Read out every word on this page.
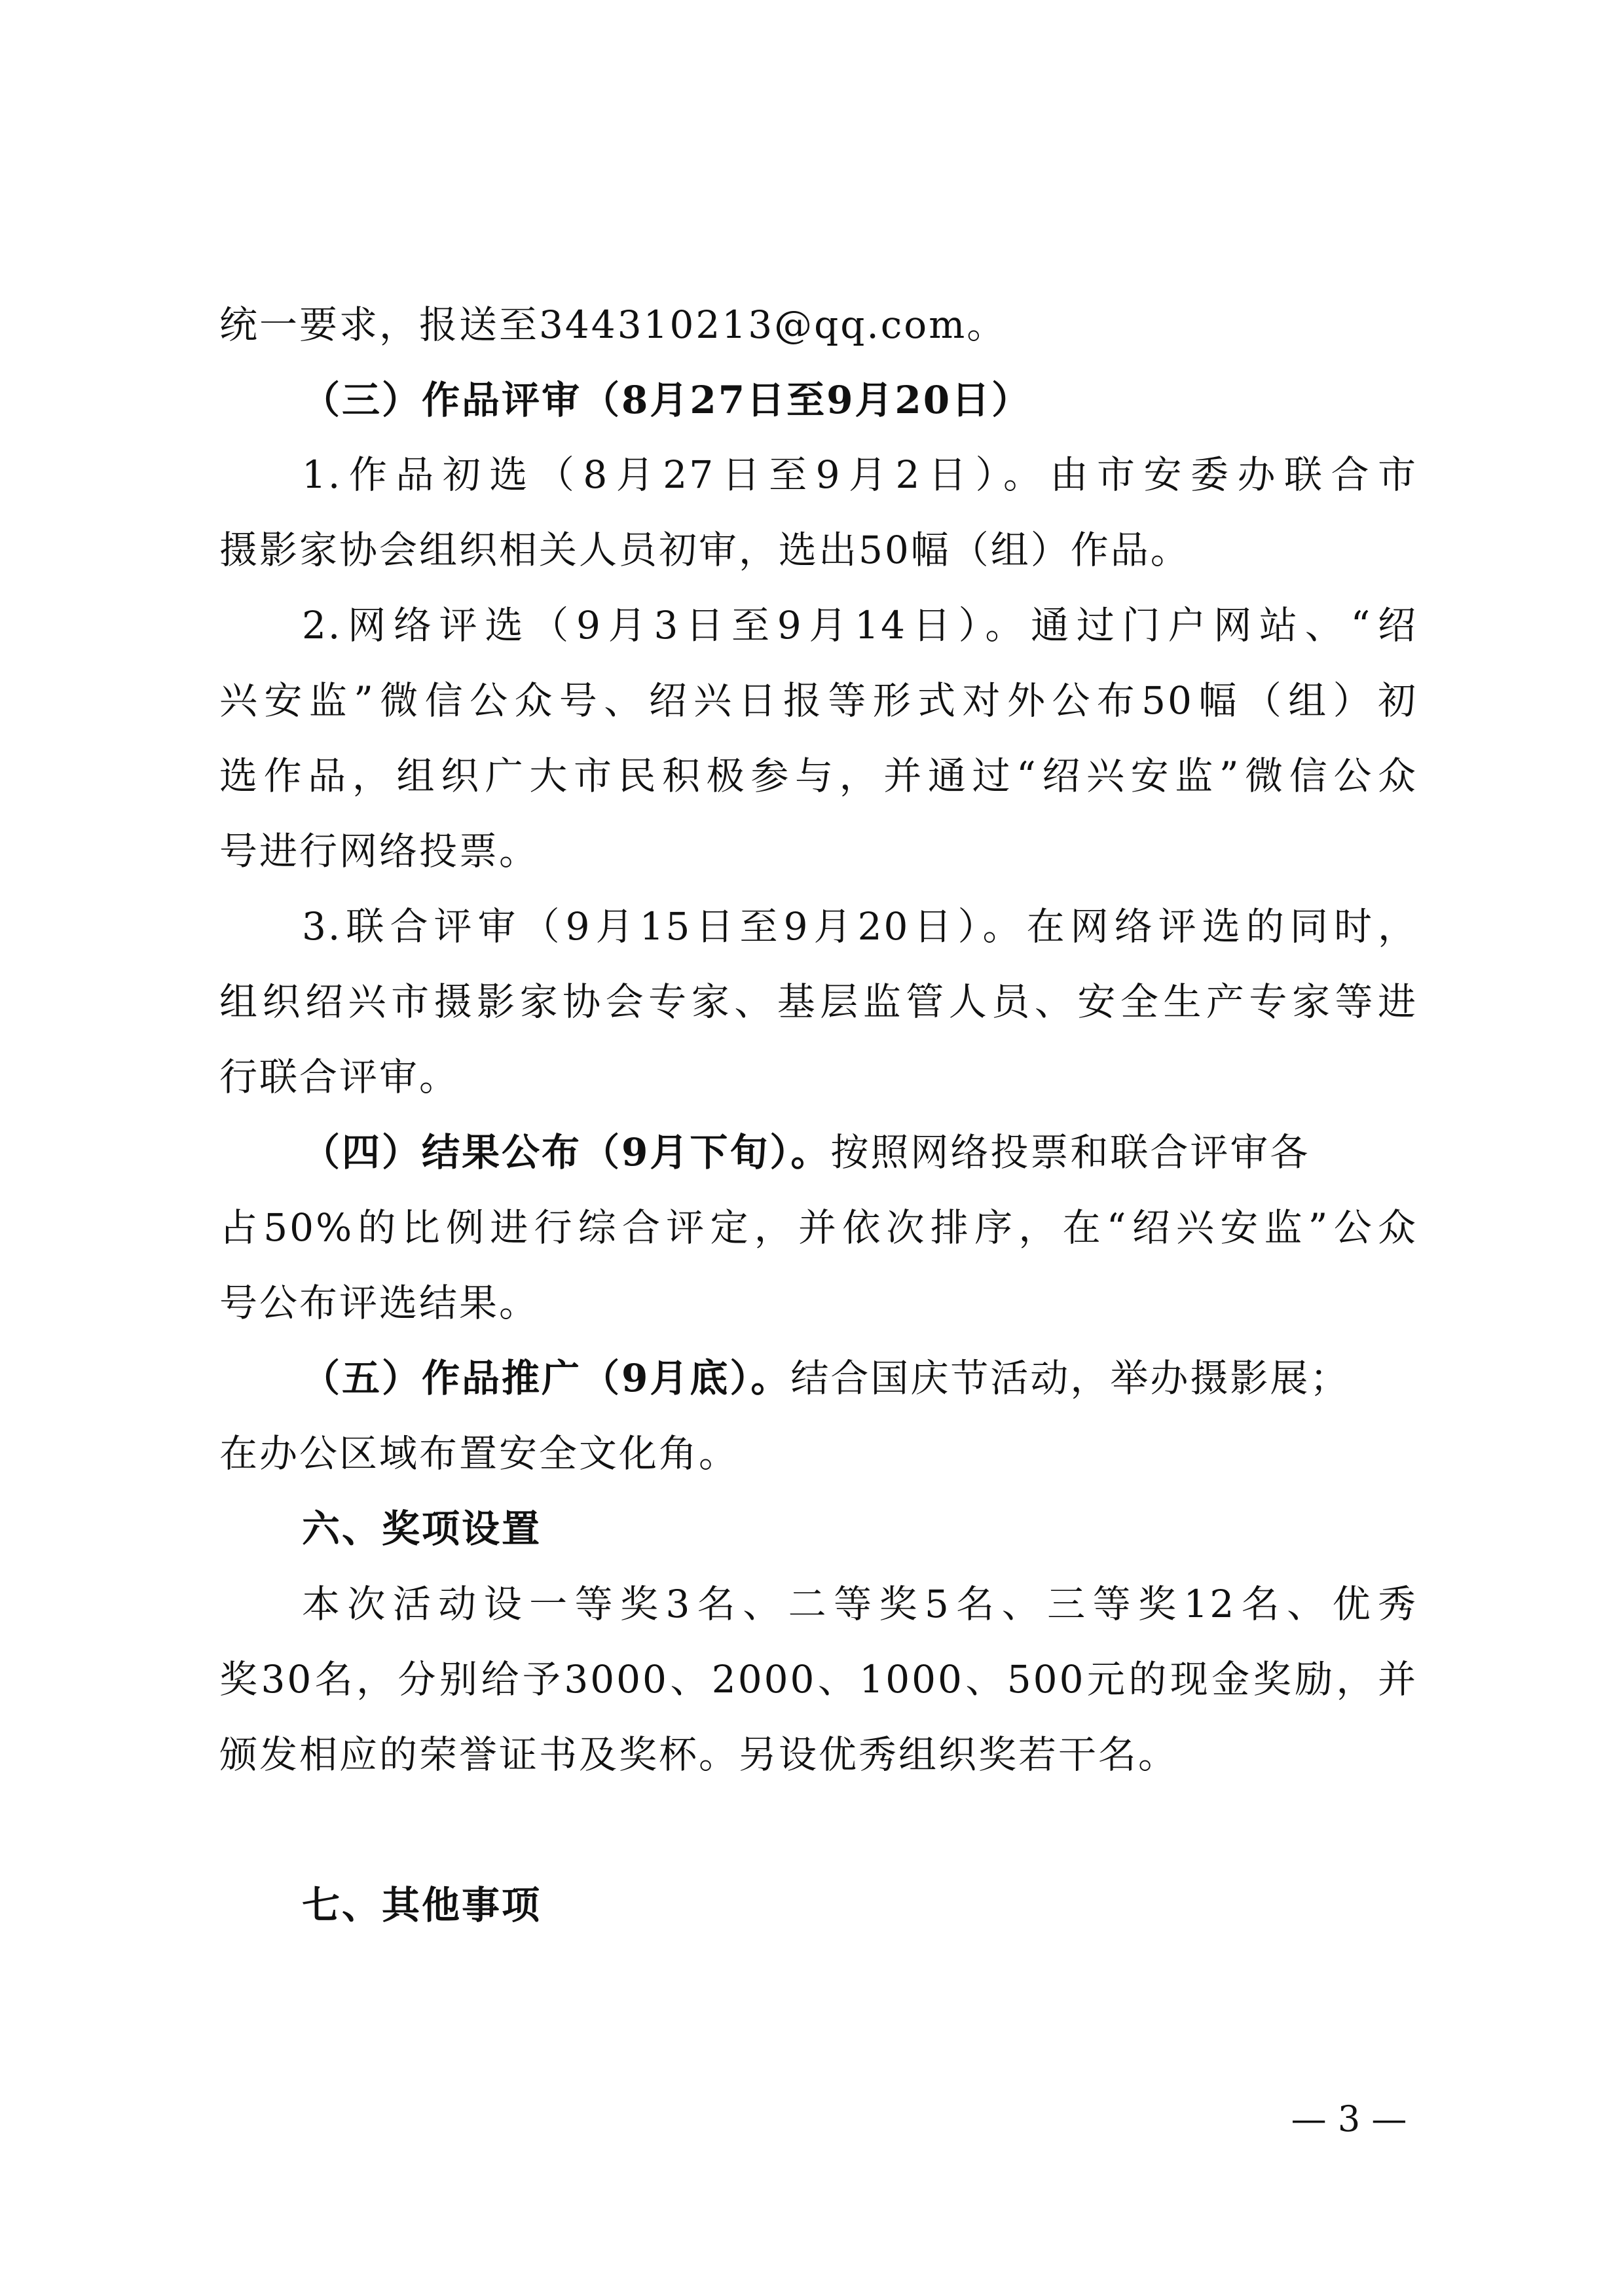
统一要求，报送至344310213@qq.com。
（三）作品评审（8月27日至9月20日）
1.作品初选（8月27日至9月2日）。由市安委办联合市
摄影家协会组织相关人员初审，选出50幅（组）作品。
2.网络评选（9月3日至9月14日）。通过门户网站、“绍
兴安监”微信公众号、绍兴日报等形式对外公布50幅（组）初
选作品，组织广大市民积极参与，并通过“绍兴安监”微信公众
号进行网络投票。
3.联合评审（9月15日至9月20日）。在网络评选的同时，
组织绍兴市摄影家协会专家、基层监管人员、安全生产专家等进
行联合评审。
（四）结果公布（9月下旬）。按照网络投票和联合评审各
占50%的比例进行综合评定，并依次排序，在“绍兴安监”公众
号公布评选结果。
（五）作品推广（9月底）。结合国庆节活动，举办摄影展；
在办公区域布置安全文化角。
六、奖项设置
本次活动设一等奖3名、二等奖5名、三等奖12名、优秀
奖30名，分别给予3000、2000、1000、500元的现金奖励，并
颁发相应的荣誉证书及奖杯。另设优秀组织奖若干名。
七、其他事项
— 3 —
